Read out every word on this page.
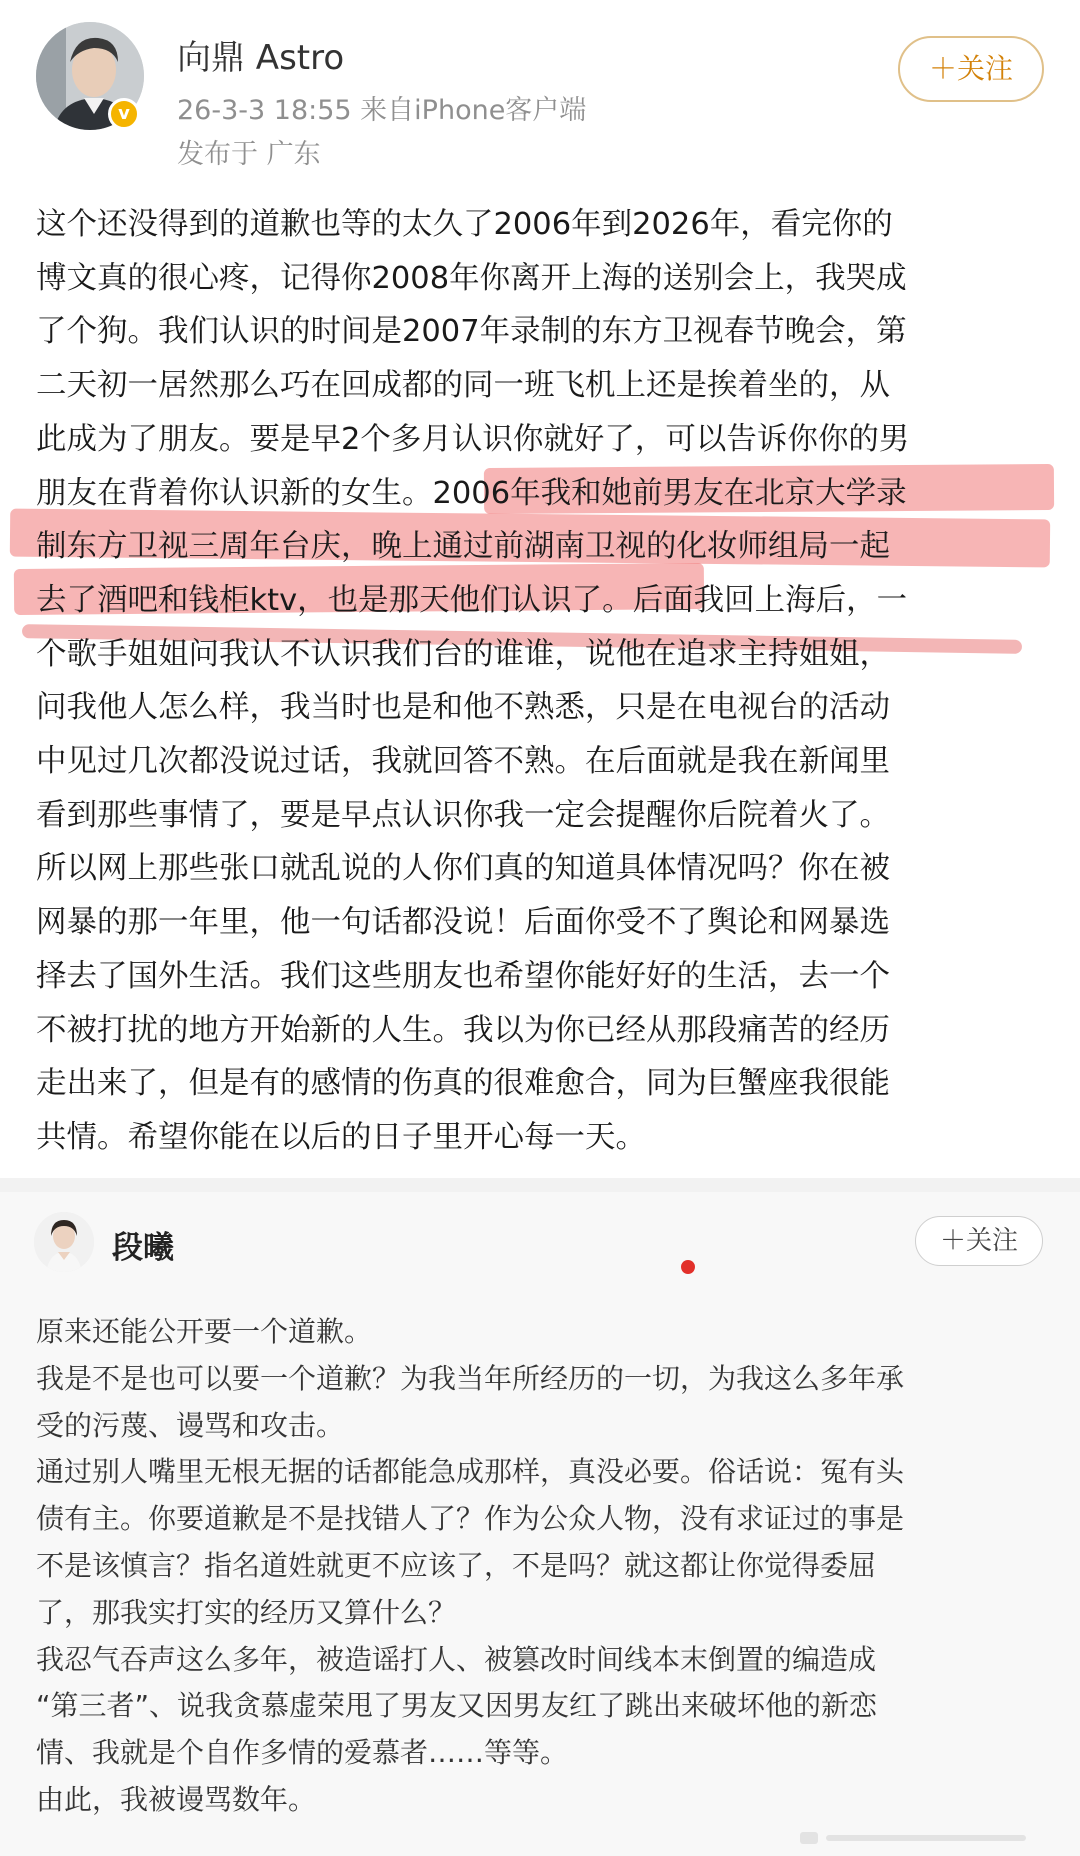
v
向鼎 Astro
26-3-3 18:55 来自iPhone客户端
发布于 广东
＋关注
这个还没得到的道歉也等的太久了2006年到2026年，看完你的
博文真的很心疼，记得你2008年你离开上海的送别会上，我哭成
了个狗。我们认识的时间是2007年录制的东方卫视春节晚会，第
二天初一居然那么巧在回成都的同一班飞机上还是挨着坐的，从
此成为了朋友。要是早2个多月认识你就好了，可以告诉你你的男
朋友在背着你认识新的女生。2006年我和她前男友在北京大学录
制东方卫视三周年台庆，晚上通过前湖南卫视的化妆师组局一起
去了酒吧和钱柜ktv，也是那天他们认识了。后面我回上海后，一
个歌手姐姐问我认不认识我们台的谁谁，说他在追求主持姐姐，
问我他人怎么样，我当时也是和他不熟悉，只是在电视台的活动
中见过几次都没说过话，我就回答不熟。在后面就是我在新闻里
看到那些事情了，要是早点认识你我一定会提醒你后院着火了。
所以网上那些张口就乱说的人你们真的知道具体情况吗？你在被
网暴的那一年里，他一句话都没说！后面你受不了舆论和网暴选
择去了国外生活。我们这些朋友也希望你能好好的生活，去一个
不被打扰的地方开始新的人生。我以为你已经从那段痛苦的经历
走出来了，但是有的感情的伤真的很难愈合，同为巨蟹座我很能
共情。希望你能在以后的日子里开心每一天。
段曦	＋关注
原来还能公开要一个道歉。
我是不是也可以要一个道歉？为我当年所经历的一切，为我这么多年承
受的污蔑、谩骂和攻击。
通过别人嘴里无根无据的话都能急成那样，真没必要。俗话说：冤有头
债有主。你要道歉是不是找错人了？作为公众人物，没有求证过的事是
不是该慎言？指名道姓就更不应该了，不是吗？就这都让你觉得委屈
了，那我实打实的经历又算什么？
我忍气吞声这么多年，被造谣打人、被篡改时间线本末倒置的编造成
“第三者”、说我贪慕虚荣甩了男友又因男友红了跳出来破坏他的新恋
情、我就是个自作多情的爱慕者……等等。
由此，我被谩骂数年。
